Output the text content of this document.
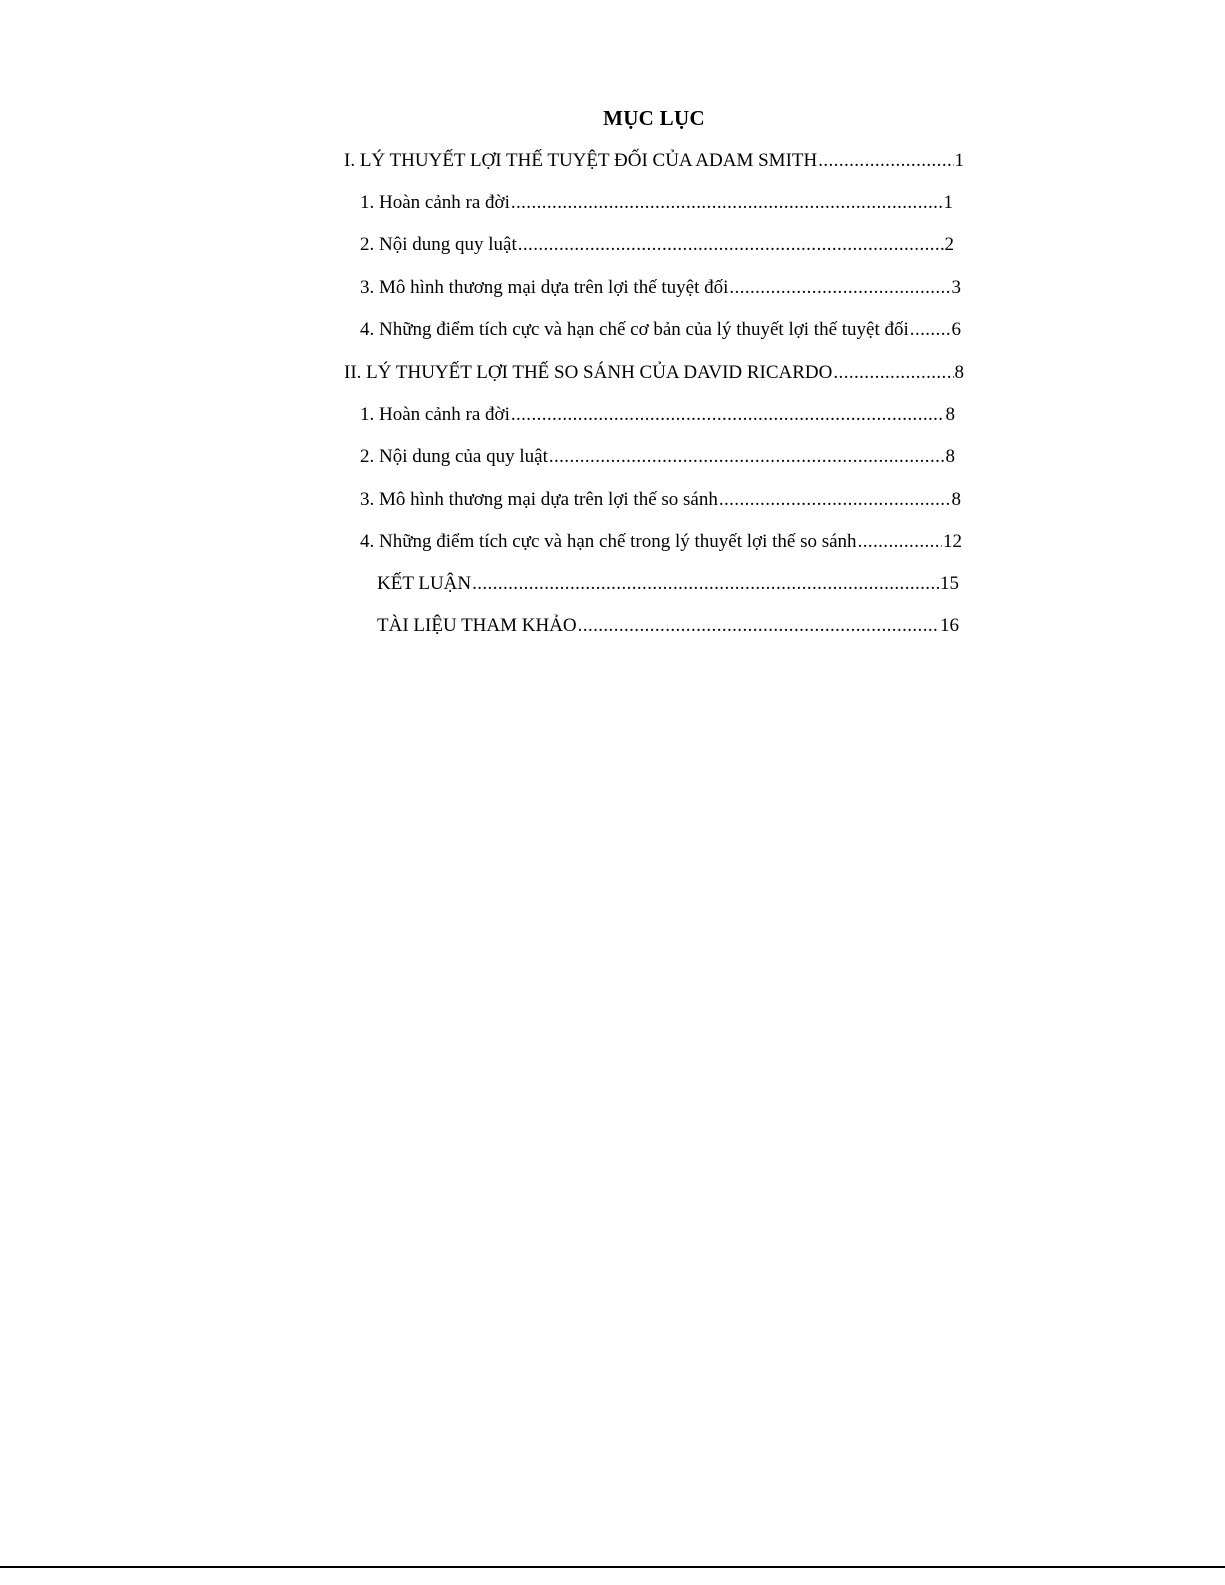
MỤC LỤC
I. LÝ THUYẾT LỢI THẾ TUYỆT ĐỐI CỦA ADAM SMITH .....	1
1. Hoàn cảnh ra đời .....	1
2. Nội dung quy luật .....	2
3. Mô hình thương mại dựa trên lợi thế tuyệt đối .....	3
4. Những điểm tích cực và hạn chế cơ bản của lý thuyết lợi thế tuyệt đối ..... 6
II. LÝ THUYẾT LỢI THẾ SO SÁNH CỦA DAVID RICARDO .....	8
1. Hoàn cảnh ra đời .....	8
2. Nội dung của quy luật .....	8
3. Mô hình thương mại dựa trên lợi thế so sánh .....	8
4. Những điểm tích cực và hạn chế trong lý thuyết lợi thế so sánh .....	12
KẾT LUẬN .....	15
TÀI LIỆU THAM KHẢO .....	16
